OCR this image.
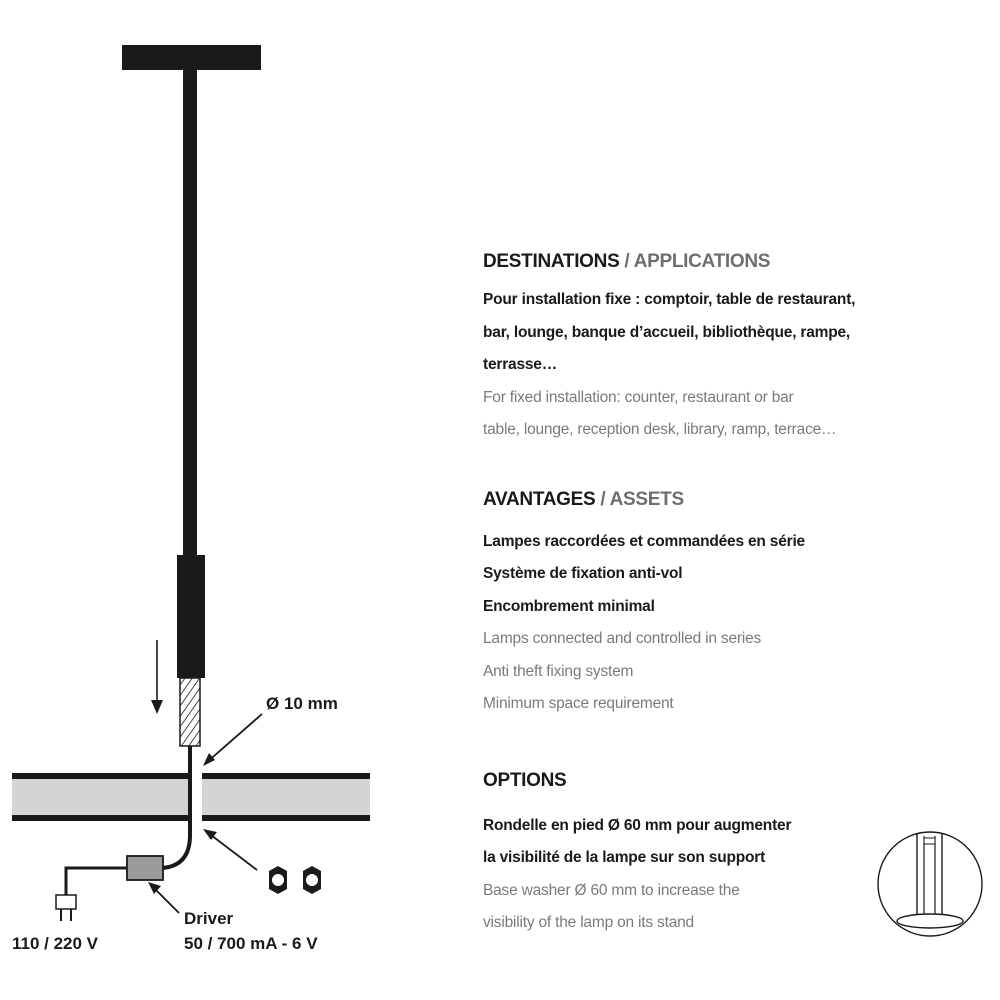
Ø 10 mm
Driver
50 / 700 mA - 6 V
110 / 220 V
DESTINATIONS / APPLICATIONS
Pour installation fixe : comptoir, table de restaurant,
bar, lounge, banque d’accueil, bibliothèque, rampe,
terrasse…
For fixed installation: counter, restaurant or bar
table, lounge, reception desk, library, ramp, terrace…
AVANTAGES / ASSETS
Lampes raccordées et commandées en série
Système de fixation anti-vol
Encombrement minimal
Lamps connected and controlled in series
Anti theft fixing system
Minimum space requirement
OPTIONS
Rondelle en pied Ø 60 mm pour augmenter
la visibilité de la lampe sur son support
Base washer Ø 60 mm to increase the
visibility of the lamp on its stand
